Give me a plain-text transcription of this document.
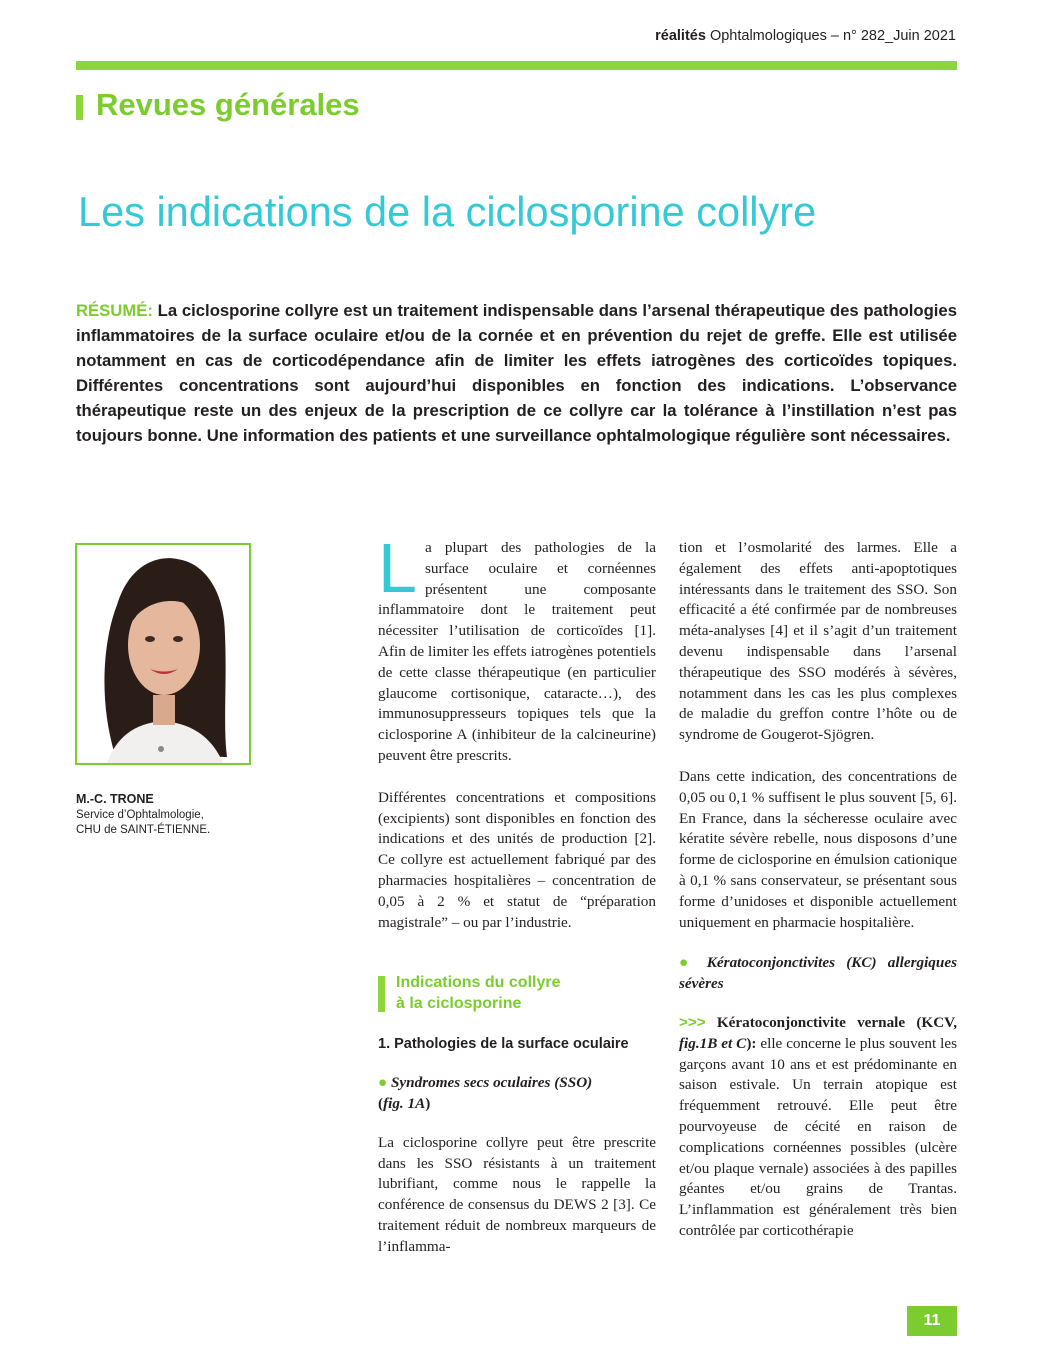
réalités Ophtalmologiques – n° 282_Juin 2021
Revues générales
Les indications de la ciclosporine collyre
RÉSUMÉ: La ciclosporine collyre est un traitement indispensable dans l’arsenal thérapeutique des pathologies inflammatoires de la surface oculaire et/ou de la cornée et en prévention du rejet de greffe. Elle est utilisée notamment en cas de corticodépendance afin de limiter les effets iatrogènes des corticoïdes topiques. Différentes concentrations sont aujourd’hui disponibles en fonction des indications. L’observance thérapeutique reste un des enjeux de la prescription de ce collyre car la tolérance à l’instillation n’est pas toujours bonne. Une information des patients et une surveillance ophtalmologique régulière sont nécessaires.
M.-C. TRONE
Service d’Ophtalmologie,
CHU de SAINT-ÉTIENNE.

La plupart des pathologies de la surface oculaire et cornéennes présentent une composante inflammatoire dont le traitement peut nécessiter l’utilisation de corticoïdes [1]. Afin de limiter les effets iatrogènes potentiels de cette classe thérapeutique (en particulier glaucome cortisonique, cataracte…), des immunosuppresseurs topiques tels que la ciclosporine A (inhibiteur de la calcineurine) peuvent être prescrits.

Différentes concentrations et compositions (excipients) sont disponibles en fonction des indications et des unités de production [2]. Ce collyre est actuellement fabriqué par des pharmacies hospitalières – concentration de 0,05 à 2 % et statut de “préparation magistrale” – ou par l’industrie.

Indications du collyre
à la ciclosporine

1. Pathologies de la surface oculaire

● Syndromes secs oculaires (SSO)
(fig. 1A)

La ciclosporine collyre peut être prescrite dans les SSO résistants à un traitement lubrifiant, comme nous le rappelle la conférence de consensus du DEWS 2 [3]. Ce traitement réduit de nombreux marqueurs de l’inflamma-

tion et l’osmolarité des larmes. Elle a également des effets anti-apoptotiques intéressants dans le traitement des SSO. Son efficacité a été confirmée par de nombreuses méta-analyses [4] et il s’agit d’un traitement devenu indispensable dans l’arsenal thérapeutique des SSO modérés à sévères, notamment dans les cas les plus complexes de maladie du greffon contre l’hôte ou de syndrome de Gougerot-Sjögren.

Dans cette indication, des concentrations de 0,05 ou 0,1 % suffisent le plus souvent [5, 6]. En France, dans la sécheresse oculaire avec kératite sévère rebelle, nous disposons d’une forme de ciclosporine en émulsion cationique à 0,1 % sans conservateur, se présentant sous forme d’unidoses et disponible actuellement uniquement en pharmacie hospitalière.

● Kératoconjonctivites (KC) allergiques sévères

>>> Kératoconjonctivite vernale (KCV, fig.1B et C): elle concerne le plus souvent les garçons avant 10 ans et est prédominante en saison estivale. Un terrain atopique est fréquemment retrouvé. Elle peut être pourvoyeuse de cécité en raison de complications cornéennes possibles (ulcère et/ou plaque vernale) associées à des papilles géantes et/ou grains de Trantas. L’inflammation est généralement très bien contrôlée par corticothérapie

11
